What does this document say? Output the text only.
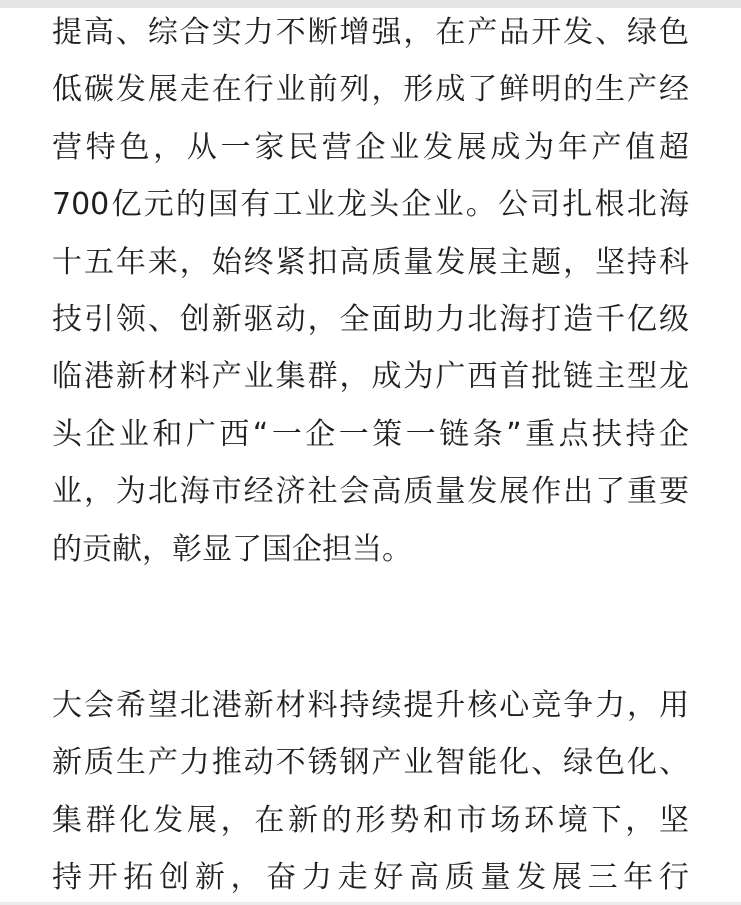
提高、综合实力不断增强，在产品开发、绿色
低碳发展走在行业前列，形成了鲜明的生产经
营特色，从一家民营企业发展成为年产值超
700亿元的国有工业龙头企业。公司扎根北海
十五年来，始终紧扣高质量发展主题，坚持科
技引领、创新驱动，全面助力北海打造千亿级
临港新材料产业集群，成为广西首批链主型龙
头企业和广西“一企一策一链条”重点扶持企
业，为北海市经济社会高质量发展作出了重要
的贡献，彰显了国企担当。
大会希望北港新材料持续提升核心竞争力，用
新质生产力推动不锈钢产业智能化、绿色化、
集群化发展，在新的形势和市场环境下，坚
持开拓创新，奋力走好高质量发展三年行
